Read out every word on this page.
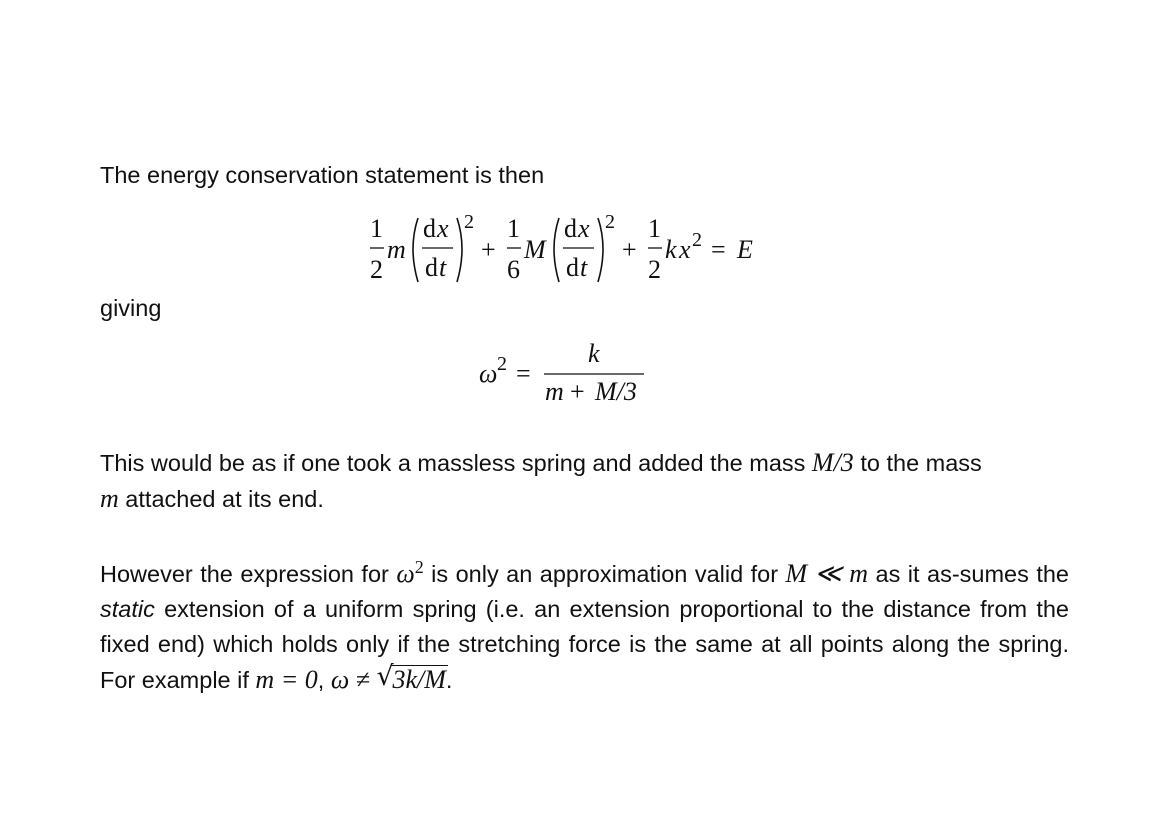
The energy conservation statement is then
1
2
m
d x
d t
2
+
1
6
M
d x
d t
2
+
1
2
k x 2 = E
giving
ω 2 =
k
m + M/3
This would be as if one took a massless spring and added the mass M/3 to the mass
m attached at its end.
However the expression for $\omega^2$ is only an approximation valid for M ≪ m as it as-sumes the static extension of a uniform spring (i.e. an extension proportional to the distance from the fixed end) which holds only if the stretching force is the same at all points along the spring. For example if m = 0, ω ≠ √
3k/M.
